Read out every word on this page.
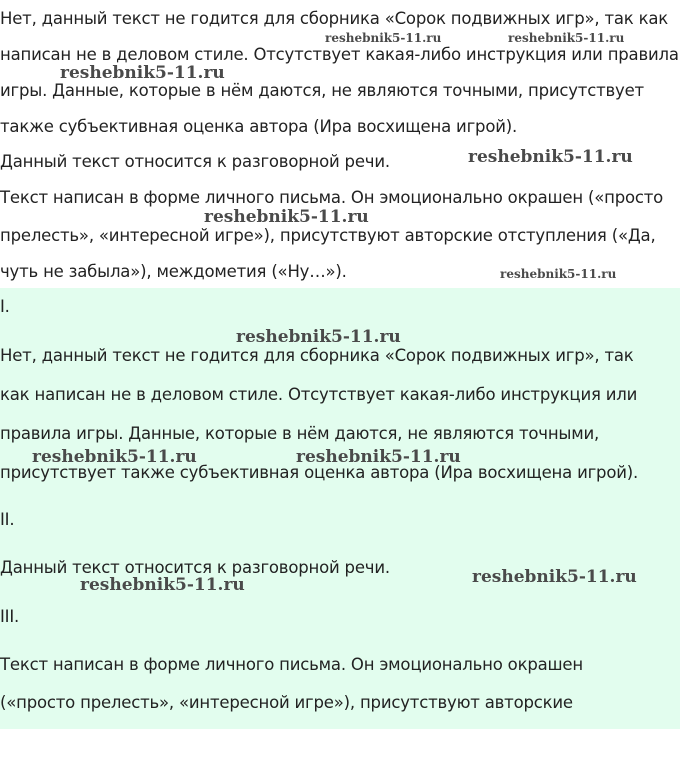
Нет, данный текст не годится для сборника «Сорок подвижных игр», так как
написан не в деловом стиле. Отсутствует какая-либо инструкция или правила
игры. Данные, которые в нём даются, не являются точными, присутствует
также субъективная оценка автора (Ира восхищена игрой).
Данный текст относится к разговорной речи.
Текст написан в форме личного письма. Он эмоционально окрашен («просто
прелесть», «интересной игре»), присутствуют авторские отступления («Да,
чуть не забыла»), междометия («Ну…»).
reshebnik5-11.ru	reshebnik5-11.ru
reshebnik5-11.ru
reshebnik5-11.ru
reshebnik5-11.ru
reshebnik5-11.ru
I.
Нет, данный текст не годится для сборника «Сорок подвижных игр», так
как написан не в деловом стиле. Отсутствует какая-либо инструкция или
правила игры. Данные, которые в нём даются, не являются точными,
присутствует также субъективная оценка автора (Ира восхищена игрой).
II.
Данный текст относится к разговорной речи.
III.
Текст написан в форме личного письма. Он эмоционально окрашен
(«просто прелесть», «интересной игре»), присутствуют авторские
reshebnik5-11.ru
reshebnik5-11.ru	reshebnik5-11.ru
reshebnik5-11.ru
reshebnik5-11.ru
